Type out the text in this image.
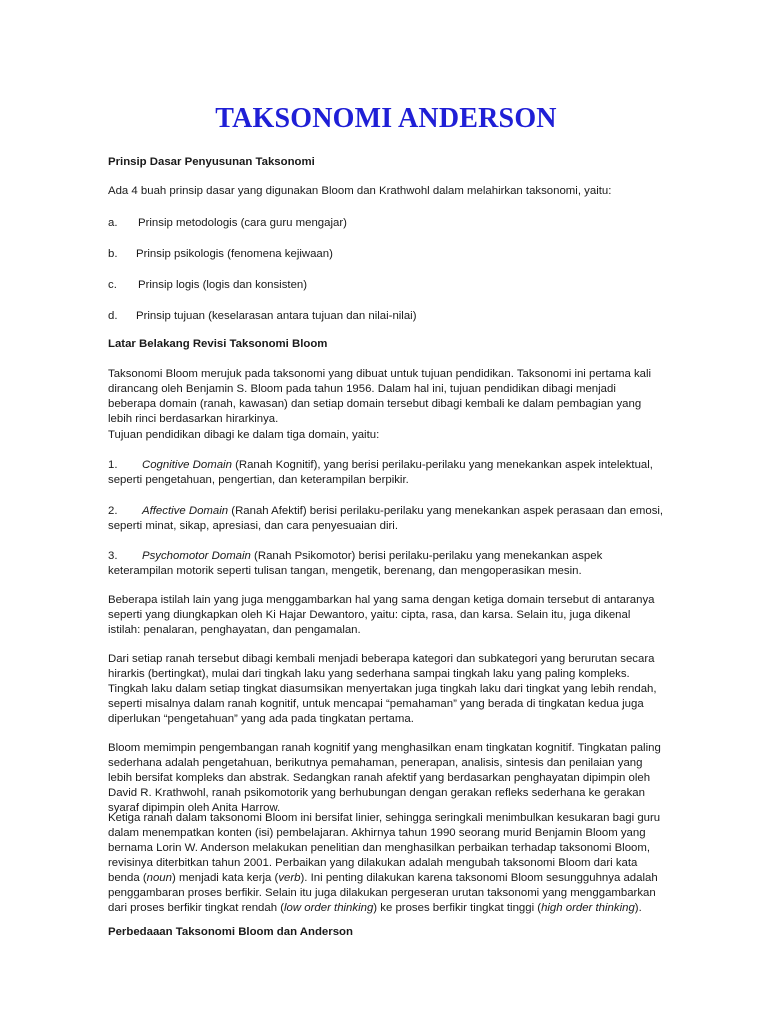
TAKSONOMI ANDERSON
Prinsip Dasar Penyusunan Taksonomi
Ada 4 buah prinsip dasar yang digunakan Bloom dan Krathwohl dalam melahirkan taksonomi, yaitu:
a.	Prinsip metodologis (cara guru mengajar)
b.	Prinsip psikologis (fenomena kejiwaan)
c.	Prinsip logis (logis dan konsisten)
d.	Prinsip tujuan (keselarasan antara tujuan dan nilai-nilai)
Latar Belakang Revisi Taksonomi Bloom
Taksonomi Bloom merujuk pada taksonomi yang dibuat untuk tujuan pendidikan. Taksonomi ini pertama kali dirancang oleh Benjamin S. Bloom pada tahun 1956. Dalam hal ini, tujuan pendidikan dibagi menjadi beberapa domain (ranah, kawasan) dan setiap domain tersebut dibagi kembali ke dalam pembagian yang lebih rinci berdasarkan hirarkinya.
Tujuan pendidikan dibagi ke dalam tiga domain, yaitu:
1. Cognitive Domain (Ranah Kognitif), yang berisi perilaku-perilaku yang menekankan aspek intelektual, seperti pengetahuan, pengertian, dan keterampilan berpikir.
2. Affective Domain (Ranah Afektif) berisi perilaku-perilaku yang menekankan aspek perasaan dan emosi, seperti minat, sikap, apresiasi, dan cara penyesuaian diri.
3. Psychomotor Domain (Ranah Psikomotor) berisi perilaku-perilaku yang menekankan aspek keterampilan motorik seperti tulisan tangan, mengetik, berenang, dan mengoperasikan mesin.
Beberapa istilah lain yang juga menggambarkan hal yang sama dengan ketiga domain tersebut di antaranya seperti yang diungkapkan oleh Ki Hajar Dewantoro, yaitu: cipta, rasa, dan karsa. Selain itu, juga dikenal istilah: penalaran, penghayatan, dan pengamalan.
Dari setiap ranah tersebut dibagi kembali menjadi beberapa kategori dan subkategori yang berurutan secara hirarkis (bertingkat), mulai dari tingkah laku yang sederhana sampai tingkah laku yang paling kompleks. Tingkah laku dalam setiap tingkat diasumsikan menyertakan juga tingkah laku dari tingkat yang lebih rendah, seperti misalnya dalam ranah kognitif, untuk mencapai “pemahaman” yang berada di tingkatan kedua juga diperlukan “pengetahuan” yang ada pada tingkatan pertama.
Bloom memimpin pengembangan ranah kognitif yang menghasilkan enam tingkatan kognitif. Tingkatan paling sederhana adalah pengetahuan, berikutnya pemahaman, penerapan, analisis, sintesis dan penilaian yang lebih bersifat kompleks dan abstrak. Sedangkan ranah afektif yang berdasarkan penghayatan dipimpin oleh David R. Krathwohl, ranah psikomotorik yang berhubungan dengan gerakan refleks sederhana ke gerakan syaraf dipimpin oleh Anita Harrow.
Ketiga ranah dalam taksonomi Bloom ini bersifat linier, sehingga seringkali menimbulkan kesukaran bagi guru dalam menempatkan konten (isi) pembelajaran. Akhirnya tahun 1990 seorang murid Benjamin Bloom yang bernama Lorin W. Anderson melakukan penelitian dan menghasilkan perbaikan terhadap taksonomi Bloom, revisinya diterbitkan tahun 2001. Perbaikan yang dilakukan adalah mengubah taksonomi Bloom dari kata benda (noun) menjadi kata kerja (verb). Ini penting dilakukan karena taksonomi Bloom sesungguhnya adalah penggambaran proses berfikir. Selain itu juga dilakukan pergeseran urutan taksonomi yang menggambarkan dari proses berfikir tingkat rendah (low order thinking) ke proses berfikir tingkat tinggi (high order thinking).
Perbedaaan Taksonomi Bloom dan Anderson
